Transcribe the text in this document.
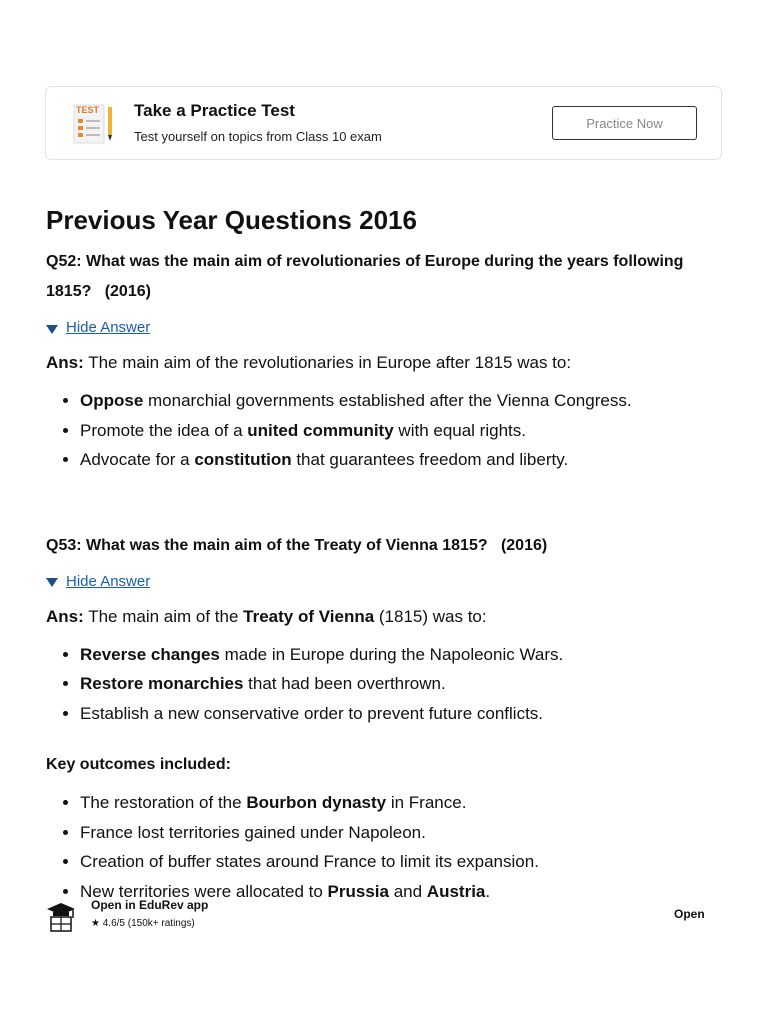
TEST Take a Practice Test
Test yourself on topics from Class 10 exam
Practice Now
Previous Year Questions 2016
Q52: What was the main aim of revolutionaries of Europe during the years following 1815?   (2016)
Hide Answer

Ans: The main aim of the revolutionaries in Europe after 1815 was to:

• Oppose monarchial governments established after the Vienna Congress.
• Promote the idea of a united community with equal rights.
• Advocate for a constitution that guarantees freedom and liberty.
Q53: What was the main aim of the Treaty of Vienna 1815?   (2016)
Hide Answer

Ans: The main aim of the Treaty of Vienna (1815) was to:

• Reverse changes made in Europe during the Napoleonic Wars.
• Restore monarchies that had been overthrown.
• Establish a new conservative order to prevent future conflicts.
Key outcomes included:
• The restoration of the Bourbon dynasty in France.
• France lost territories gained under Napoleon.
• Creation of buffer states around France to limit its expansion.
• New territories were allocated to Prussia and Austria.
Open in EduRev app
★ 4.6/5 (150k+ ratings)
Open
